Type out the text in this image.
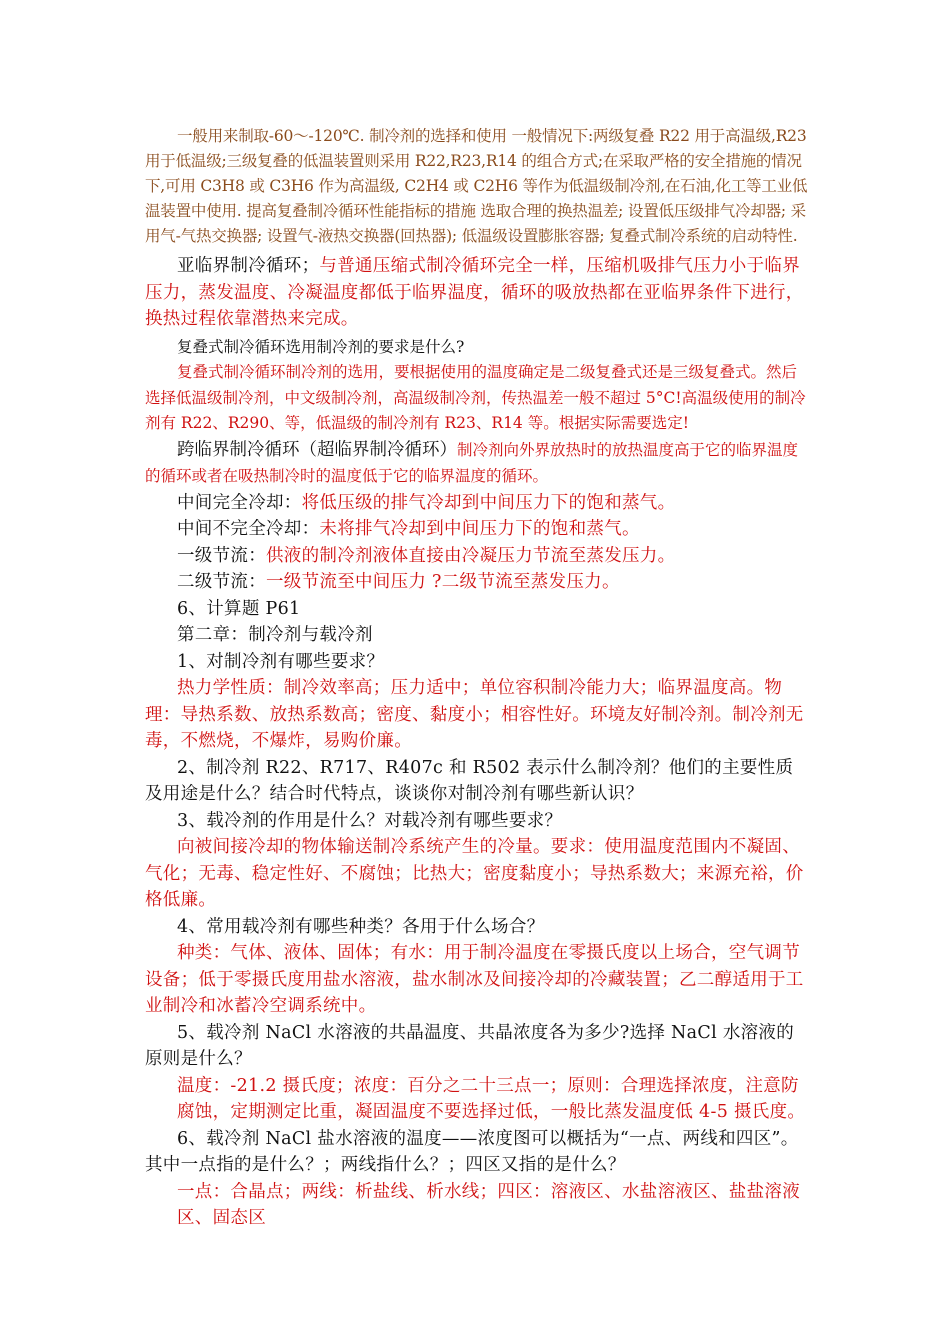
一般用来制取-60～-120℃. 制冷剂的选择和使用 一般情况下:两级复叠 R22 用于高温级,R23 用于低温级;三级复叠的低温装置则采用 R22,R23,R14 的组合方式;在采取严格的安全措施的情况下,可用 C3H8 或 C3H6 作为高温级, C2H4 或 C2H6 等作为低温级制冷剂,在石油,化工等工业低温装置中使用. 提高复叠制冷循环性能指标的措施 选取合理的换热温差; 设置低压级排气冷却器; 采用气-气热交换器; 设置气-液热交换器(回热器); 低温级设置膨胀容器; 复叠式制冷系统的启动特性.

亚临界制冷循环；与普通压缩式制冷循环完全一样，压缩机吸排气压力小于临界压力，蒸发温度、冷凝温度都低于临界温度，循环的吸放热都在亚临界条件下进行，换热过程依靠潜热来完成。

复叠式制冷循环选用制冷剂的要求是什么?

复叠式制冷循环制冷剂的选用，要根据使用的温度确定是二级复叠式还是三级复叠式。然后选择低温级制冷剂，中文级制冷剂，高温级制冷剂，传热温差一般不超过 5°C!高温级使用的制冷剂有 R22、R290、等，低温级的制冷剂有 R23、R14 等。根据实际需要选定!

跨临界制冷循环（超临界制冷循环）制冷剂向外界放热时的放热温度高于它的临界温度的循环或者在吸热制冷时的温度低于它的临界温度的循环。

中间完全冷却：将低压级的排气冷却到中间压力下的饱和蒸气。

中间不完全冷却：未将排气冷却到中间压力下的饱和蒸气。

一级节流：供液的制冷剂液体直接由冷凝压力节流至蒸发压力。

二级节流：一级节流至中间压力 ?二级节流至蒸发压力。

6、计算题 P61

第二章：制冷剂与载冷剂

1、对制冷剂有哪些要求？

热力学性质：制冷效率高；压力适中；单位容积制冷能力大；临界温度高。物理：导热系数、放热系数高；密度、黏度小；相容性好。环境友好制冷剂。制冷剂无毒，不燃烧，不爆炸，易购价廉。

2、制冷剂 R22、R717、R407c 和 R502 表示什么制冷剂？他们的主要性质及用途是什么？结合时代特点，谈谈你对制冷剂有哪些新认识？

3、载冷剂的作用是什么？对载冷剂有哪些要求？

向被间接冷却的物体输送制冷系统产生的冷量。要求：使用温度范围内不凝固、气化；无毒、稳定性好、不腐蚀；比热大；密度黏度小；导热系数大；来源充裕，价格低廉。

4、常用载冷剂有哪些种类？各用于什么场合？

种类：气体、液体、固体；有水：用于制冷温度在零摄氏度以上场合，空气调节设备；低于零摄氏度用盐水溶液，盐水制冰及间接冷却的冷藏装置；乙二醇适用于工业制冷和冰蓄冷空调系统中。

5、载冷剂 NaCl 水溶液的共晶温度、共晶浓度各为多少?选择 NaCl 水溶液的原则是什么？

温度：-21.2 摄氏度；浓度：百分之二十三点一；原则：合理选择浓度，注意防腐蚀，定期测定比重，凝固温度不要选择过低，一般比蒸发温度低 4-5 摄氏度。

6、载冷剂 NaCl 盐水溶液的温度——浓度图可以概括为“一点、两线和四区”。其中一点指的是什么？；两线指什么？；四区又指的是什么？

一点：合晶点；两线：析盐线、析水线；四区：溶液区、水盐溶液区、盐盐溶液区、固态区
